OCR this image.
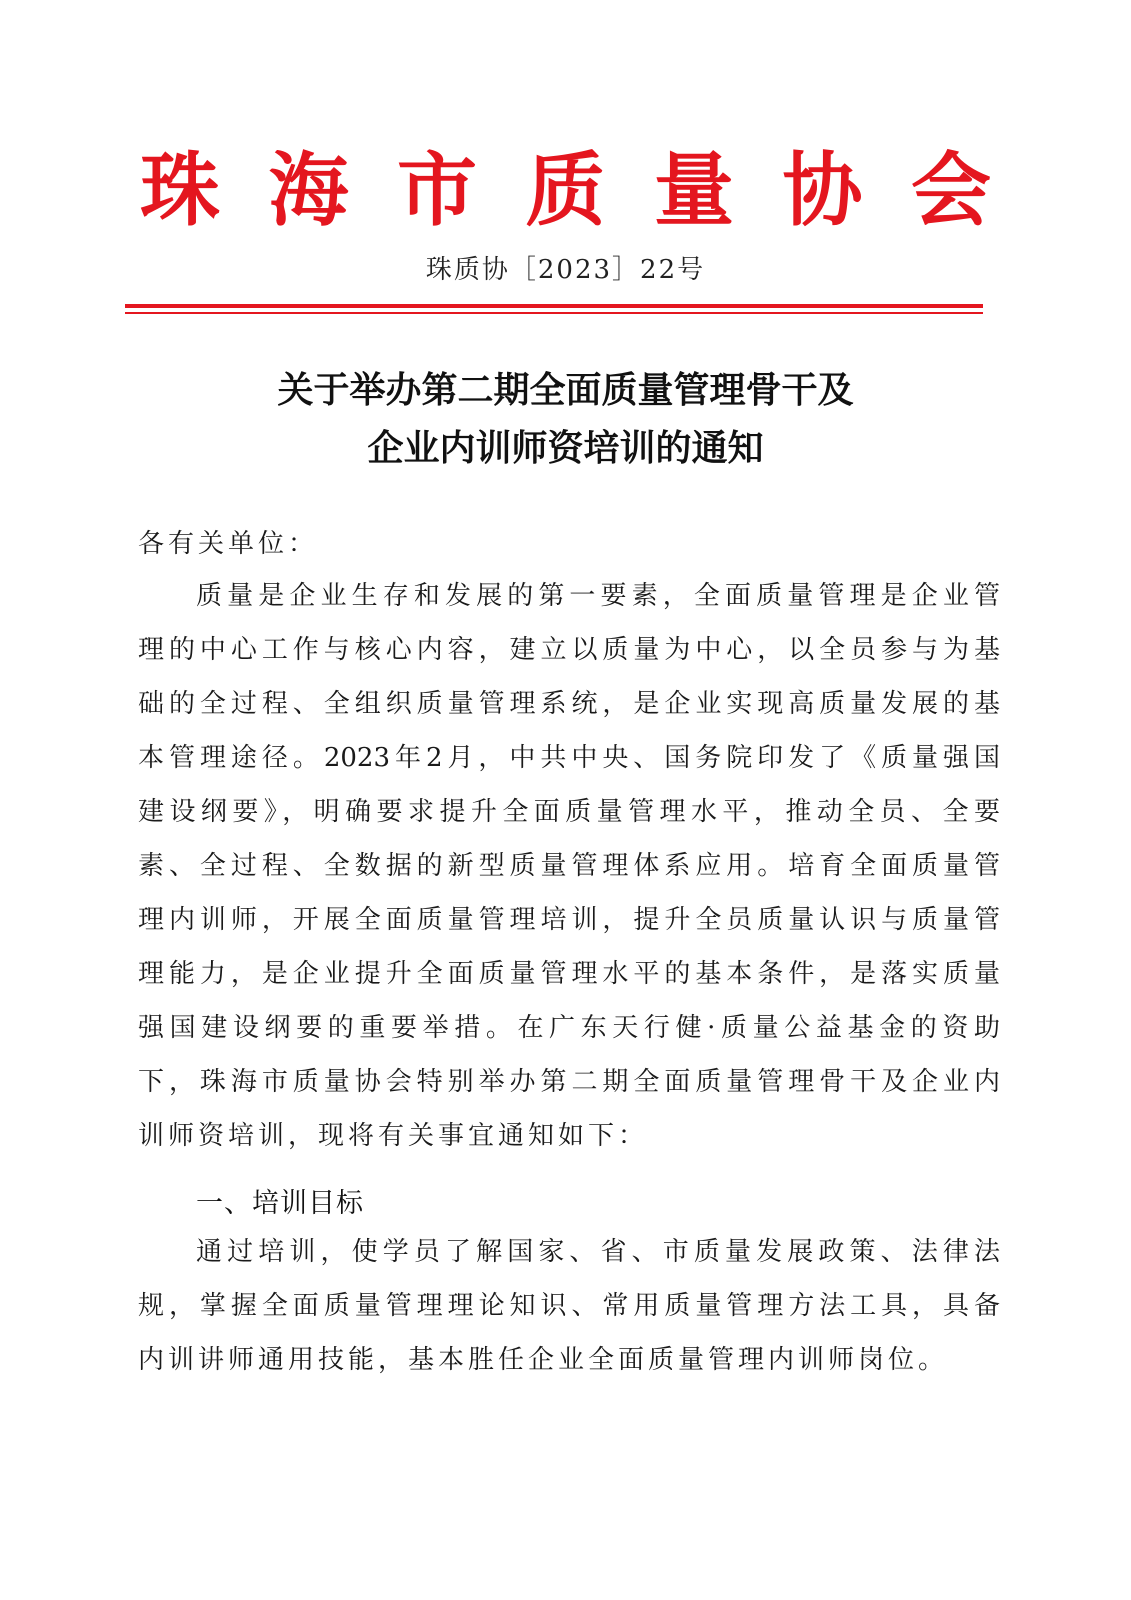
珠 海 市 质 量 协 会
珠质协［2023］22号
关于举办第二期全面质量管理骨干及
企业内训师资培训的通知
各有关单位：
质量是企业生存和发展的第一要素，全面质量管理是企业管
理的中心工作与核心内容，建立以质量为中心，以全员参与为基
础的全过程、全组织质量管理系统，是企业实现高质量发展的基
本管理途径。2023年2月，中共中央、国务院印发了《质量强国
建设纲要》，明确要求提升全面质量管理水平，推动全员、全要
素、全过程、全数据的新型质量管理体系应用。培育全面质量管
理内训师，开展全面质量管理培训，提升全员质量认识与质量管
理能力，是企业提升全面质量管理水平的基本条件，是落实质量
强国建设纲要的重要举措。在广东天行健·质量公益基金的资助
下，珠海市质量协会特别举办第二期全面质量管理骨干及企业内
训师资培训，现将有关事宜通知如下：
一、培训目标
通过培训，使学员了解国家、省、市质量发展政策、法律法
规，掌握全面质量管理理论知识、常用质量管理方法工具，具备
内训讲师通用技能，基本胜任企业全面质量管理内训师岗位。
